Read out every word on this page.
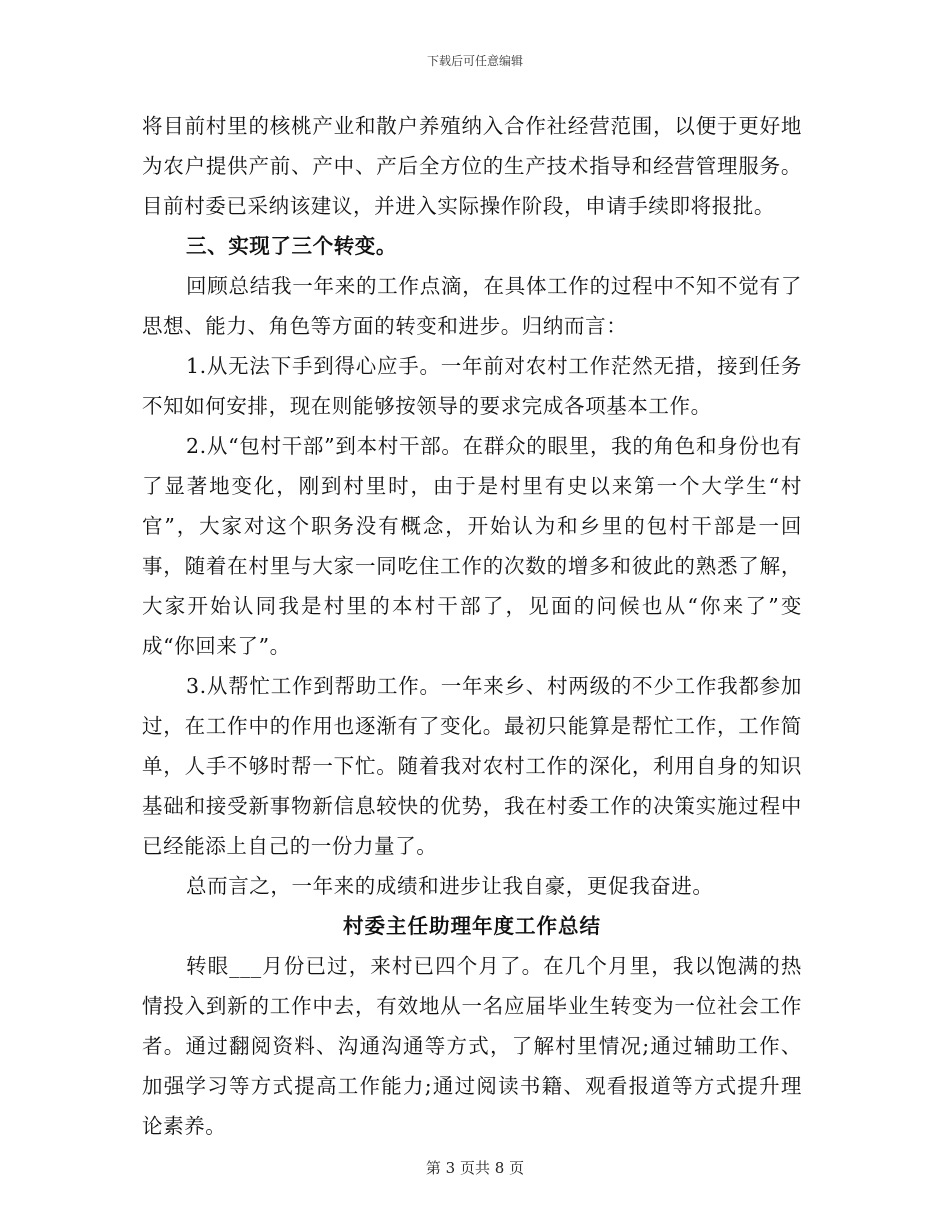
下载后可任意编辑

将目前村里的核桃产业和散户养殖纳入合作社经营范围，以便于更好地为农户提供产前、产中、产后全方位的生产技术指导和经营管理服务。目前村委已采纳该建议，并进入实际操作阶段，申请手续即将报批。

三、实现了三个转变。

回顾总结我一年来的工作点滴，在具体工作的过程中不知不觉有了思想、能力、角色等方面的转变和进步。归纳而言：

1.从无法下手到得心应手。一年前对农村工作茫然无措，接到任务不知如何安排，现在则能够按领导的要求完成各项基本工作。

2.从“包村干部”到本村干部。在群众的眼里，我的角色和身份也有了显著地变化，刚到村里时，由于是村里有史以来第一个大学生“村官”，大家对这个职务没有概念，开始认为和乡里的包村干部是一回事，随着在村里与大家一同吃住工作的次数的增多和彼此的熟悉了解，大家开始认同我是村里的本村干部了，见面的问候也从“你来了”变成“你回来了”。

3.从帮忙工作到帮助工作。一年来乡、村两级的不少工作我都参加过，在工作中的作用也逐渐有了变化。最初只能算是帮忙工作，工作简单，人手不够时帮一下忙。随着我对农村工作的深化，利用自身的知识基础和接受新事物新信息较快的优势，我在村委工作的决策实施过程中已经能添上自己的一份力量了。

总而言之，一年来的成绩和进步让我自豪，更促我奋进。

村委主任助理年度工作总结

转眼___月份已过，来村已四个月了。在几个月里，我以饱满的热情投入到新的工作中去，有效地从一名应届毕业生转变为一位社会工作者。通过翻阅资料、沟通沟通等方式，了解村里情况;通过辅助工作、加强学习等方式提高工作能力;通过阅读书籍、观看报道等方式提升理论素养。

第 3 页共 8 页
